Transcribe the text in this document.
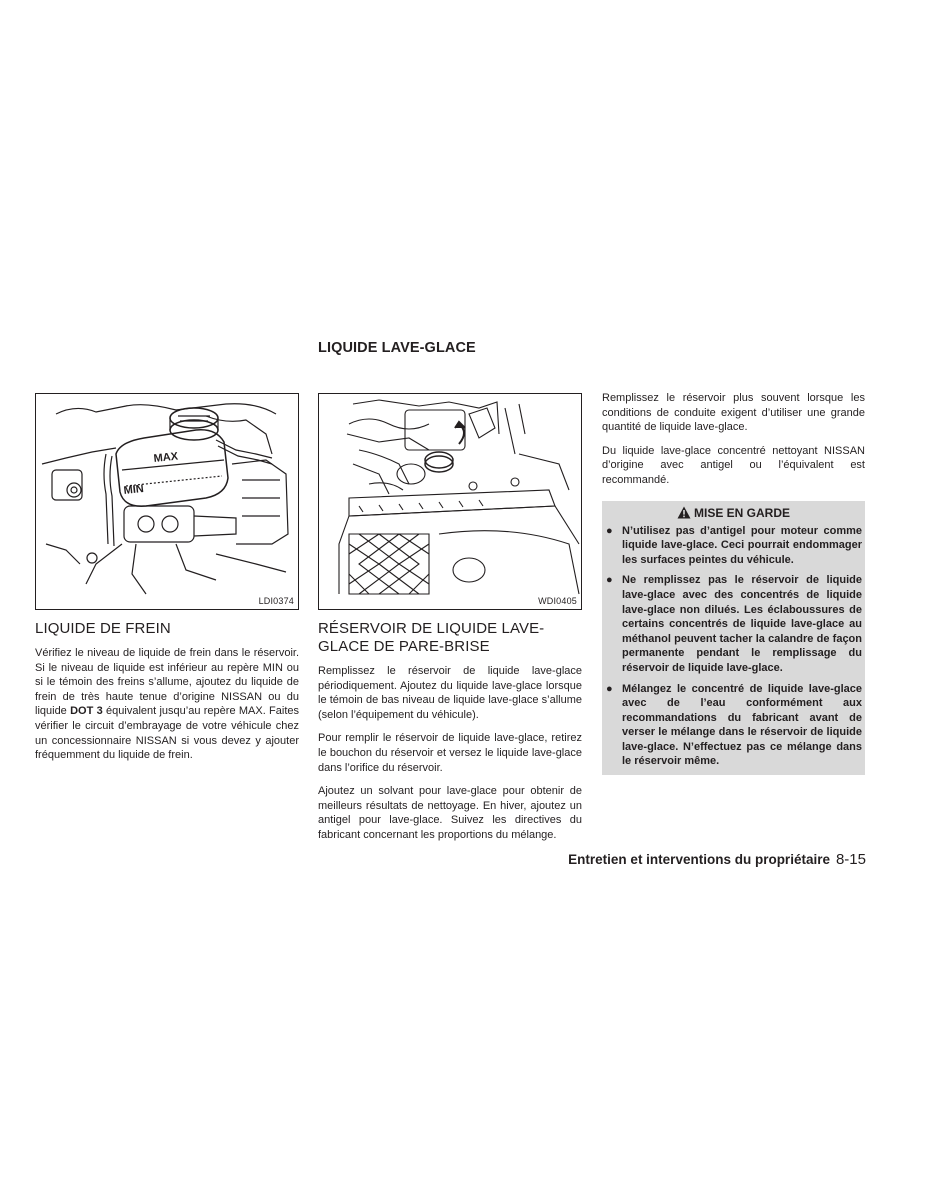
LIQUIDE LAVE-GLACE
MAX
MIN
LDI0374
LIQUIDE DE FREIN

Vérifiez le niveau de liquide de frein dans le réservoir. Si le niveau de liquide est inférieur au repère MIN ou si le témoin des freins s’allume, ajoutez du liquide de frein de très haute tenue d’origine NISSAN ou du liquide DOT 3 équivalent jusqu’au repère MAX. Faites vérifier le circuit d’embrayage de votre véhicule chez un concessionnaire NISSAN si vous devez y ajouter fréquemment du liquide de frein.

WDI0405
RÉSERVOIR DE LIQUIDE LAVE-GLACE DE PARE-BRISE

Remplissez le réservoir de liquide lave-glace périodiquement. Ajoutez du liquide lave-glace lorsque le témoin de bas niveau de liquide lave-glace s’allume (selon l’équipement du véhicule).

Pour remplir le réservoir de liquide lave-glace, retirez le bouchon du réservoir et versez le liquide lave-glace dans l’orifice du réservoir.

Ajoutez un solvant pour lave-glace pour obtenir de meilleurs résultats de nettoyage. En hiver, ajoutez un antigel pour lave-glace. Suivez les directives du fabricant concernant les proportions du mélange.

Remplissez le réservoir plus souvent lorsque les conditions de conduite exigent d’utiliser une grande quantité de liquide lave-glace.

Du liquide lave-glace concentré nettoyant NISSAN d’origine avec antigel ou l’équivalent est recommandé.

MISE EN GARDE
● N’utilisez pas d’antigel pour moteur comme liquide lave-glace. Ceci pourrait endommager les surfaces peintes du véhicule.
● Ne remplissez pas le réservoir de liquide lave-glace avec des concentrés de liquide lave-glace non dilués. Les éclaboussures de certains concentrés de liquide lave-glace au méthanol peuvent tacher la calandre de façon permanente pendant le remplissage du réservoir de liquide lave-glace.
● Mélangez le concentré de liquide lave-glace avec de l’eau conformément aux recommandations du fabricant avant de verser le mélange dans le réservoir de liquide lave-glace. N’effectuez pas ce mélange dans le réservoir même.
Entretien et interventions du propriétaire 8-15
